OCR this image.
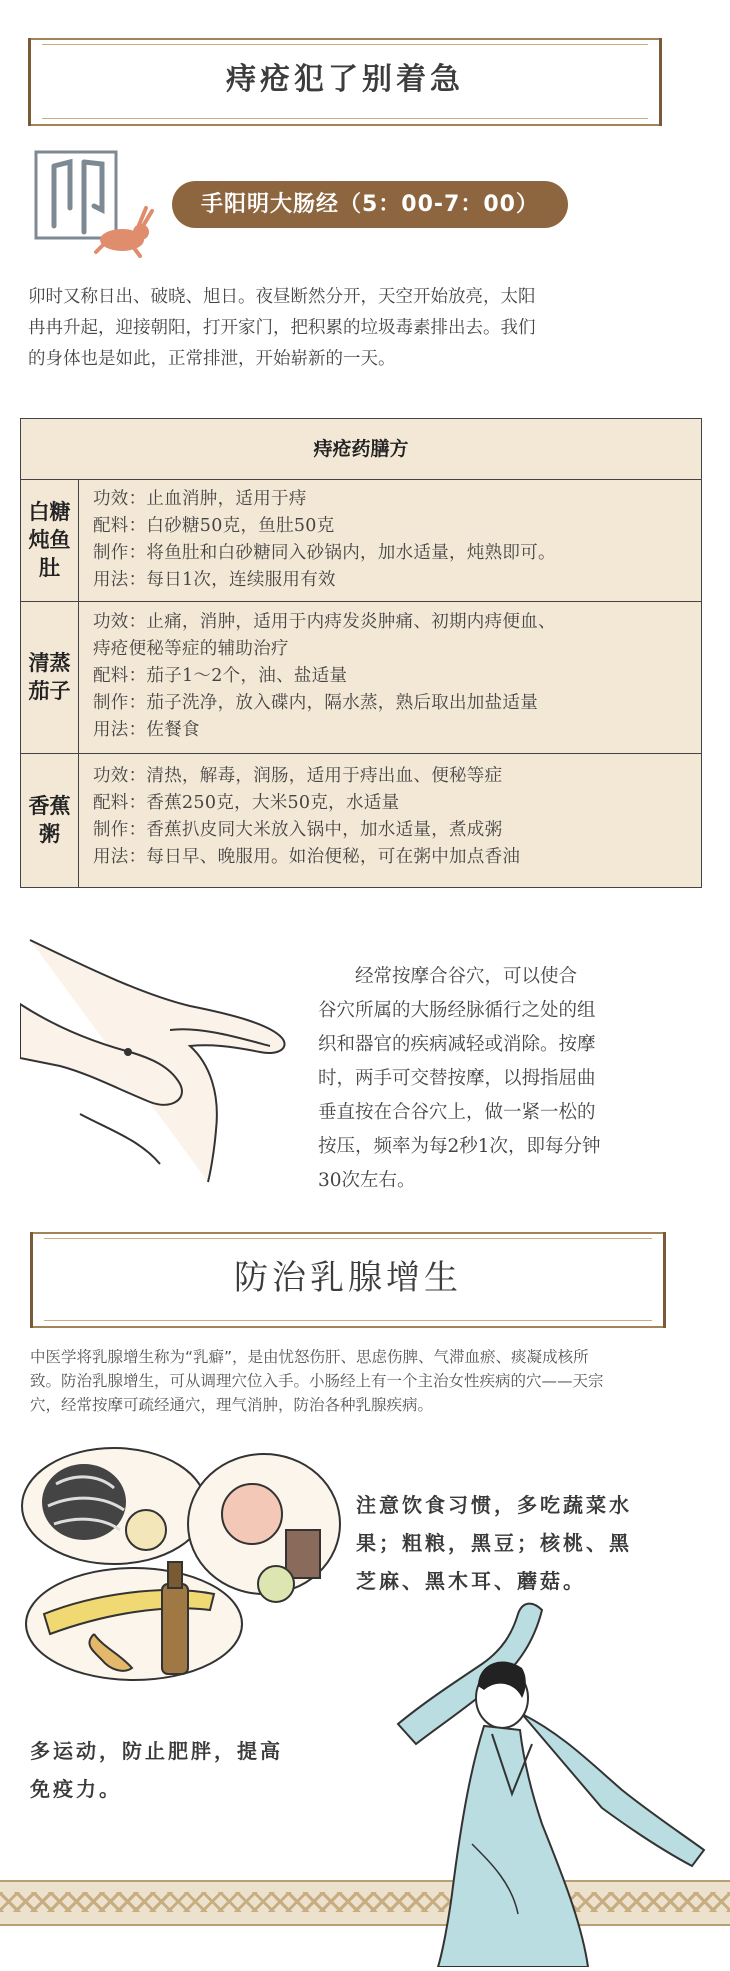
痔疮犯了别着急
手阳明大肠经（5：00-7：00）
卯时又称日出、破晓、旭日。夜昼断然分开，天空开始放亮，太阳
冉冉升起，迎接朝阳，打开家门，把积累的垃圾毒素排出去。我们
的身体也是如此，正常排泄，开始崭新的一天。
痔疮药膳方
白糖炖鱼肚
功效：止血消肿，适用于痔
配料：白砂糖50克，鱼肚50克
制作：将鱼肚和白砂糖同入砂锅内，加水适量，炖熟即可。
用法：每日1次，连续服用有效
清蒸茄子
功效：止痛，消肿，适用于内痔发炎肿痛、初期内痔便血、
痔疮便秘等症的辅助治疗
配料：茄子1～2个，油、盐适量
制作：茄子洗净，放入碟内，隔水蒸，熟后取出加盐适量
用法：佐餐食
香蕉粥
功效：清热，解毒，润肠，适用于痔出血、便秘等症
配料：香蕉250克，大米50克，水适量
制作：香蕉扒皮同大米放入锅中，加水适量，煮成粥
用法：每日早、晚服用。如治便秘，可在粥中加点香油
　　经常按摩合谷穴，可以使合
谷穴所属的大肠经脉循行之处的组
织和器官的疾病减轻或消除。按摩
时，两手可交替按摩，以拇指屈曲
垂直按在合谷穴上，做一紧一松的
按压，频率为每2秒1次，即每分钟
30次左右。
防治乳腺增生
中医学将乳腺增生称为“乳癖”，是由忧怒伤肝、思虑伤脾、气滞血瘀、痰凝成核所
致。防治乳腺增生，可从调理穴位入手。小肠经上有一个主治女性疾病的穴——天宗
穴，经常按摩可疏经通穴，理气消肿，防治各种乳腺疾病。
注意饮食习惯，多吃蔬菜水
果；粗粮，黑豆；核桃、黑
芝麻、黑木耳、蘑菇。
多运动，防止肥胖，提高
免疫力。
